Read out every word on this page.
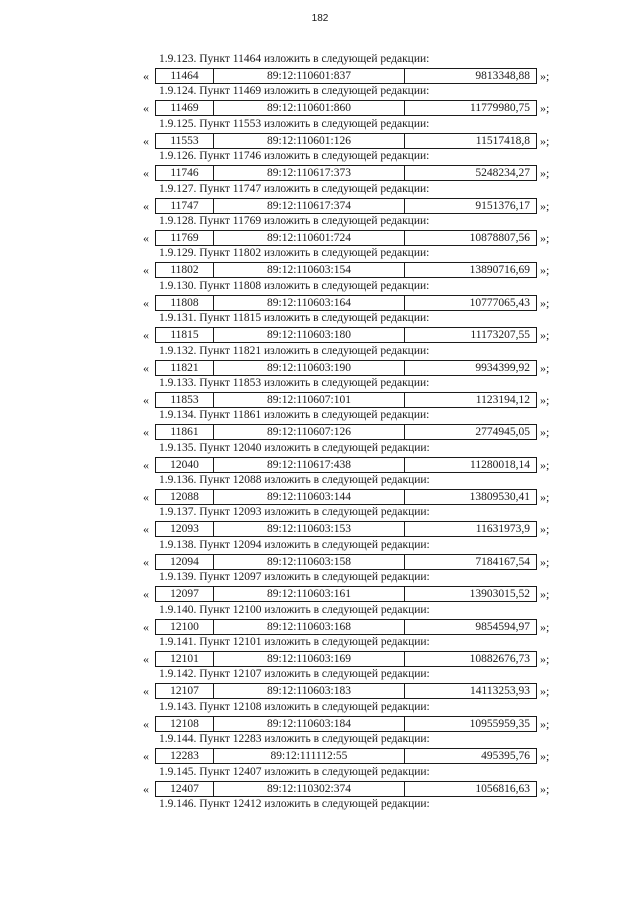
182
1.9.123. Пункт 11464 изложить в следующей редакции:
«	11464	89:12:110601:837	9813348,88 »;
1.9.124. Пункт 11469 изложить в следующей редакции:
«	11469	89:12:110601:860	11779980,75 »;
1.9.125. Пункт 11553 изложить в следующей редакции:
«	11553	89:12:110601:126	11517418,8 »;
1.9.126. Пункт 11746 изложить в следующей редакции:
«	11746	89:12:110617:373	5248234,27 »;
1.9.127. Пункт 11747 изложить в следующей редакции:
«	11747	89:12:110617:374	9151376,17 »;
1.9.128. Пункт 11769 изложить в следующей редакции:
«	11769	89:12:110601:724	10878807,56 »;
1.9.129. Пункт 11802 изложить в следующей редакции:
«	11802	89:12:110603:154	13890716,69 »;
1.9.130. Пункт 11808 изложить в следующей редакции:
«	11808	89:12:110603:164	10777065,43 »;
1.9.131. Пункт 11815 изложить в следующей редакции:
«	11815	89:12:110603:180	11173207,55 »;
1.9.132. Пункт 11821 изложить в следующей редакции:
«	11821	89:12:110603:190	9934399,92 »;
1.9.133. Пункт 11853 изложить в следующей редакции:
«	11853	89:12:110607:101	1123194,12 »;
1.9.134. Пункт 11861 изложить в следующей редакции:
«	11861	89:12:110607:126	2774945,05 »;
1.9.135. Пункт 12040 изложить в следующей редакции:
«	12040	89:12:110617:438	11280018,14 »;
1.9.136. Пункт 12088 изложить в следующей редакции:
«	12088	89:12:110603:144	13809530,41 »;
1.9.137. Пункт 12093 изложить в следующей редакции:
«	12093	89:12:110603:153	11631973,9 »;
1.9.138. Пункт 12094 изложить в следующей редакции:
«	12094	89:12:110603:158	7184167,54 »;
1.9.139. Пункт 12097 изложить в следующей редакции:
«	12097	89:12:110603:161	13903015,52 »;
1.9.140. Пункт 12100 изложить в следующей редакции:
«	12100	89:12:110603:168	9854594,97 »;
1.9.141. Пункт 12101 изложить в следующей редакции:
«	12101	89:12:110603:169	10882676,73 »;
1.9.142. Пункт 12107 изложить в следующей редакции:
«	12107	89:12:110603:183	14113253,93 »;
1.9.143. Пункт 12108 изложить в следующей редакции:
«	12108	89:12:110603:184	10955959,35 »;
1.9.144. Пункт 12283 изложить в следующей редакции:
«	12283	89:12:111112:55	495395,76 »;
1.9.145. Пункт 12407 изложить в следующей редакции:
«	12407	89:12:110302:374	1056816,63 »;
1.9.146. Пункт 12412 изложить в следующей редакции:
